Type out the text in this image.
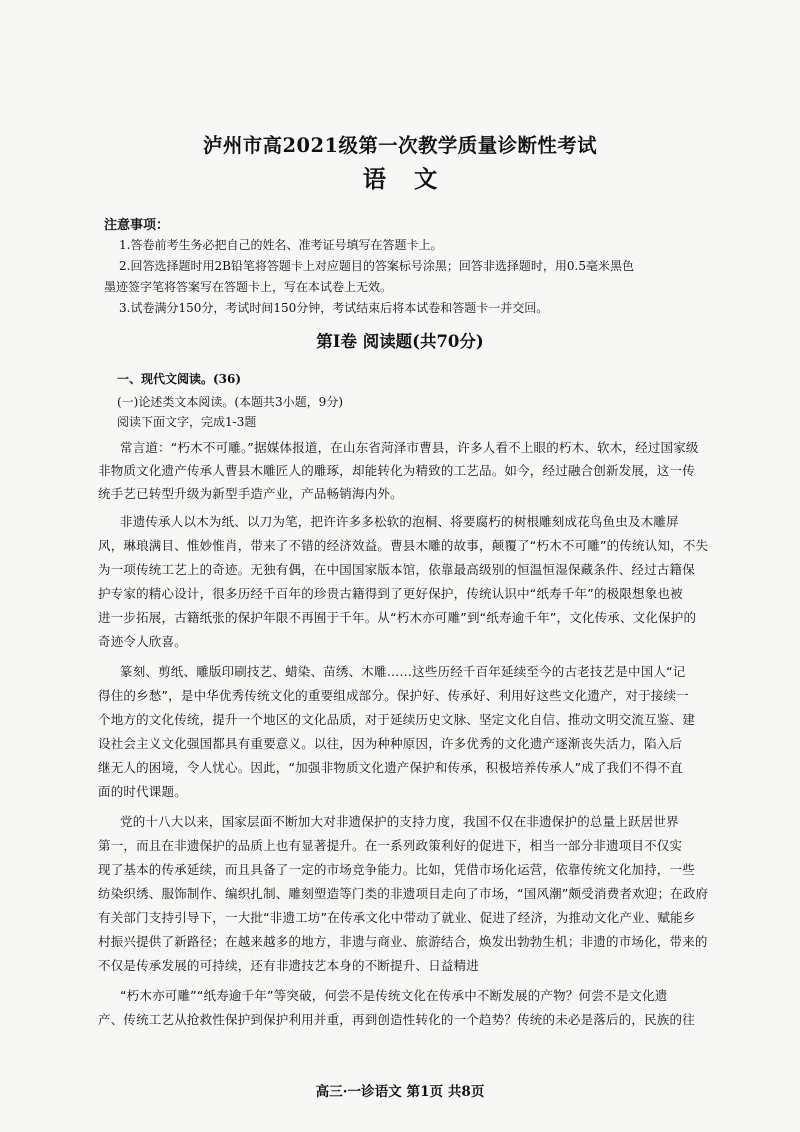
泸州市高2021级第一次教学质量诊断性考试
语 文
注意事项：
1.答卷前考生务必把自己的姓名、准考证号填写在答题卡上。
2.回答选择题时用2B铅笔将答题卡上对应题目的答案标号涂黑；回答非选择题时，用0.5毫米黑色
墨迹签字笔将答案写在答题卡上，写在本试卷上无效。
3.试卷满分150分，考试时间150分钟，考试结束后将本试卷和答题卡一并交回。
第Ⅰ卷 阅读题(共70分)
一、现代文阅读。(36)
(一)论述类文本阅读。(本题共3小题，9分)
阅读下面文字，完成1-3题
常言道：“朽木不可雕。”据媒体报道，在山东省菏泽市曹县，许多人看不上眼的朽木、软木，经过国家级
非物质文化遗产传承人曹县木雕匠人的雕琢，却能转化为精致的工艺品。如今，经过融合创新发展，这一传
统手艺已转型升级为新型手造产业，产品畅销海内外。
非遗传承人以木为纸、以刀为笔，把许许多多松软的泡桐、将要腐朽的树根雕刻成花鸟鱼虫及木雕屏
风，琳琅满目、惟妙惟肖，带来了不错的经济效益。曹县木雕的故事，颠覆了“朽木不可雕”的传统认知，不失
为一项传统工艺上的奇迹。无独有偶，在中国国家版本馆，依靠最高级别的恒温恒湿保藏条件、经过古籍保
护专家的精心设计，很多历经千百年的珍贵古籍得到了更好保护，传统认识中“纸寿千年”的极限想象也被
进一步拓展，古籍纸张的保护年限不再囿于千年。从“朽木亦可雕”到“纸寿逾千年”，文化传承、文化保护的
奇迹令人欣喜。
篆刻、剪纸、雕版印刷技艺、蜡染、苗绣、木雕……这些历经千百年延续至今的古老技艺是中国人“记
得住的乡愁”，是中华优秀传统文化的重要组成部分。保护好、传承好、利用好这些文化遗产，对于接续一
个地方的文化传统，提升一个地区的文化品质，对于延续历史文脉、坚定文化自信、推动文明交流互鉴、建
设社会主义文化强国都具有重要意义。以往，因为种种原因，许多优秀的文化遗产逐渐丧失活力，陷入后
继无人的困境，令人忧心。因此，“加强非物质文化遗产保护和传承，积极培养传承人”成了我们不得不直
面的时代课题。
党的十八大以来，国家层面不断加大对非遗保护的支持力度，我国不仅在非遗保护的总量上跃居世界
第一，而且在非遗保护的品质上也有显著提升。在一系列政策利好的促进下，相当一部分非遗项目不仅实
现了基本的传承延续，而且具备了一定的市场竞争能力。比如，凭借市场化运营，依靠传统文化加持，一些
纺染织绣、服饰制作、编织扎制、雕刻塑造等门类的非遗项目走向了市场，“国风潮”颇受消费者欢迎；在政府
有关部门支持引导下，一大批“非遗工坊”在传承文化中带动了就业、促进了经济，为推动文化产业、赋能乡
村振兴提供了新路径；在越来越多的地方，非遗与商业、旅游结合，焕发出勃勃生机；非遗的市场化，带来的
不仅是传承发展的可持续，还有非遗技艺本身的不断提升、日益精进
“朽木亦可雕”“纸寿逾千年”等突破，何尝不是传统文化在传承中不断发展的产物？何尝不是文化遗
产、传统工艺从抢救性保护到保护利用并重，再到创造性转化的一个趋势？传统的未必是落后的，民族的往
高三·一诊语文 第1页 共8页
